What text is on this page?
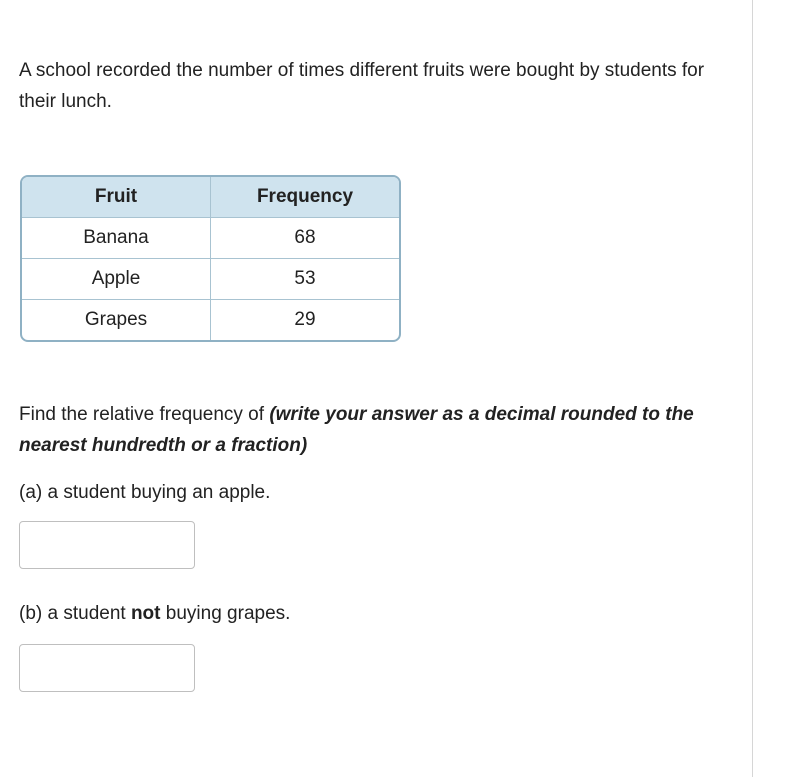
A school recorded the number of times different fruits were bought by students for their lunch.

Fruit	Frequency
Banana	68
Apple	53
Grapes	29

Find the relative frequency of (write your answer as a decimal rounded to the nearest hundredth or a fraction)

(a) a student buying an apple.

(b) a student not buying grapes.
